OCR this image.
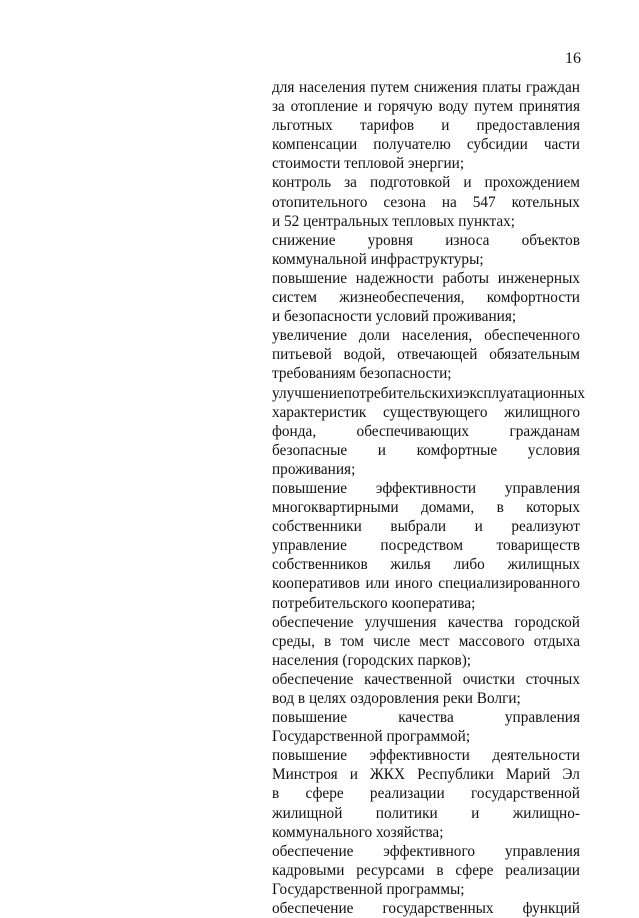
16
для населения путем снижения платы граждан
за отопление и горячую воду путем принятия
льготных тарифов и предоставления
компенсации получателю субсидии части
стоимости тепловой энергии;
контроль за подготовкой и прохождением
отопительного сезона на 547 котельных
и 52 центральных тепловых пунктах;
снижение уровня износа объектов
коммунальной инфраструктуры;
повышение надежности работы инженерных
систем жизнеобеспечения, комфортности
и безопасности условий проживания;
увеличение доли населения, обеспеченного
питьевой водой, отвечающей обязательным
требованиям безопасности;
улучшение потребительских и эксплуатационных
характеристик существующего жилищного
фонда,	обеспечивающих	гражданам
безопасные и комфортные условия
проживания;
повышение эффективности управления
многоквартирными домами, в которых
собственники выбрали и реализуют
управление посредством товариществ
собственников жилья либо жилищных
кооперативов или иного специализированного
потребительского кооператива;
обеспечение улучшения качества городской
среды, в том числе мест массового отдыха
населения (городских парков);
обеспечение качественной очистки сточных
вод в целях оздоровления реки Волги;
повышение	качества	управления
Государственной программой;
повышение эффективности деятельности
Минстроя и ЖКХ Республики Марий Эл
в сфере реализации государственной
жилищной политики и жилищно-
коммунального хозяйства;
обеспечение эффективного управления
кадровыми ресурсами в сфере реализации
Государственной программы;
обеспечение государственных функций
